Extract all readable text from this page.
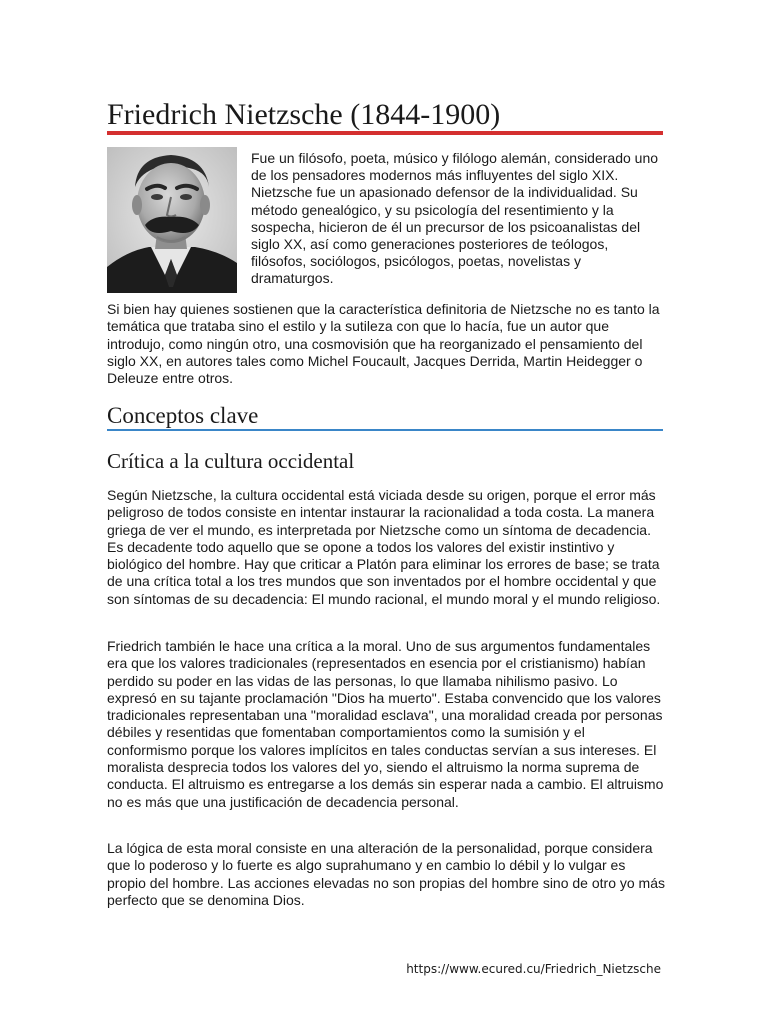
Friedrich Nietzsche (1844-1900)

Fue un filósofo, poeta, músico y filólogo alemán, considerado uno de los pensadores modernos más influyentes del siglo XIX. Nietzsche fue un apasionado defensor de la individualidad. Su método genealógico, y su psicología del resentimiento y la sospecha, hicieron de él un precursor de los psicoanalistas del siglo XX, así como generaciones posteriores de teólogos, filósofos, sociólogos, psicólogos, poetas, novelistas y dramaturgos.

Si bien hay quienes sostienen que la característica definitoria de Nietzsche no es tanto la temática que trataba sino el estilo y la sutileza con que lo hacía, fue un autor que introdujo, como ningún otro, una cosmovisión que ha reorganizado el pensamiento del siglo XX, en autores tales como Michel Foucault, Jacques Derrida, Martin Heidegger o Deleuze entre otros.

Conceptos clave
Crítica a la cultura occidental

Según Nietzsche, la cultura occidental está viciada desde su origen, porque el error más peligroso de todos consiste en intentar instaurar la racionalidad a toda costa. La manera griega de ver el mundo, es interpretada por Nietzsche como un síntoma de decadencia. Es decadente todo aquello que se opone a todos los valores del existir instintivo y biológico del hombre. Hay que criticar a Platón para eliminar los errores de base; se trata de una crítica total a los tres mundos que son inventados por el hombre occidental y que son síntomas de su decadencia: El mundo racional, el mundo moral y el mundo religioso.

Friedrich también le hace una crítica a la moral. Uno de sus argumentos fundamentales era que los valores tradicionales (representados en esencia por el cristianismo) habían perdido su poder en las vidas de las personas, lo que llamaba nihilismo pasivo. Lo expresó en su tajante proclamación "Dios ha muerto". Estaba convencido que los valores tradicionales representaban una "moralidad esclava", una moralidad creada por personas débiles y resentidas que fomentaban comportamientos como la sumisión y el conformismo porque los valores implícitos en tales conductas servían a sus intereses. El moralista desprecia todos los valores del yo, siendo el altruismo la norma suprema de conducta. El altruismo es entregarse a los demás sin esperar nada a cambio. El altruismo no es más que una justificación de decadencia personal.

La lógica de esta moral consiste en una alteración de la personalidad, porque considera que lo poderoso y lo fuerte es algo suprahumano y en cambio lo débil y lo vulgar es propio del hombre. Las acciones elevadas no son propias del hombre sino de otro yo más perfecto que se denomina Dios.

https://www.ecured.cu/Friedrich_Nietzsche
